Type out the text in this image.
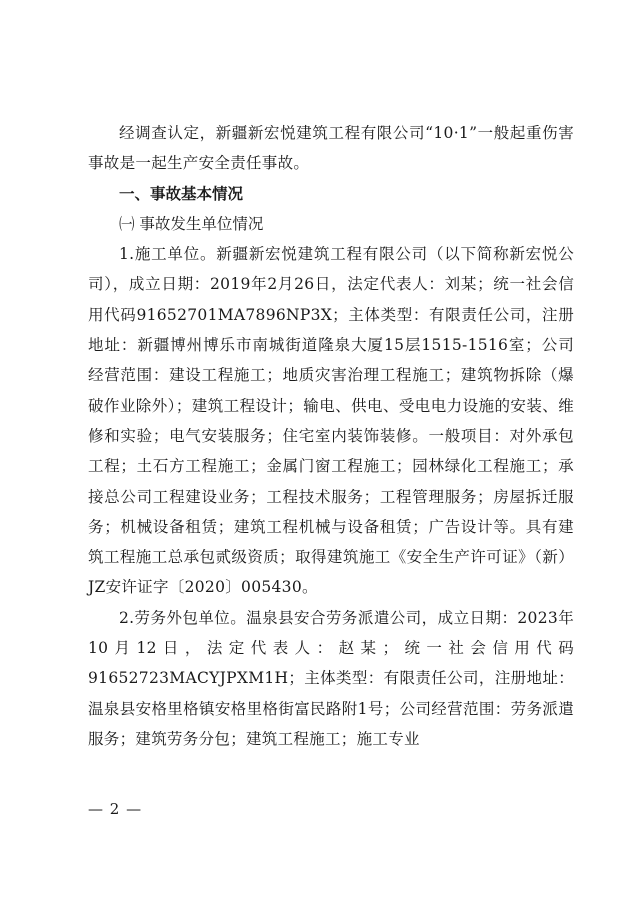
经调查认定，新疆新宏悦建筑工程有限公司“10·1”一般起重伤害事故是一起生产安全责任事故。

一、事故基本情况

㈠ 事故发生单位情况

1.施工单位。新疆新宏悦建筑工程有限公司（以下简称新宏悦公司），成立日期：2019年2月26日，法定代表人：刘某；统一社会信用代码91652701MA7896NP3X；主体类型：有限责任公司，注册地址：新疆博州博乐市南城街道隆泉大厦15层1515-1516室；公司经营范围：建设工程施工；地质灾害治理工程施工；建筑物拆除（爆破作业除外）；建筑工程设计；输电、供电、受电电力设施的安装、维修和实验；电气安装服务；住宅室内装饰装修。一般项目：对外承包工程；土石方工程施工；金属门窗工程施工；园林绿化工程施工；承接总公司工程建设业务；工程技术服务；工程管理服务；房屋拆迁服务；机械设备租赁；建筑工程机械与设备租赁；广告设计等。具有建筑工程施工总承包贰级资质；取得建筑施工《安全生产许可证》（新）JZ安许证字〔2020〕005430。

2.劳务外包单位。温泉县安合劳务派遣公司，成立日期：2023年10月12日，法定代表人：赵某；统一社会信用代码91652723MACYJPXM1H；主体类型：有限责任公司，注册地址：温泉县安格里格镇安格里格街富民路附1号；公司经营范围：劳务派遣服务；建筑劳务分包；建筑工程施工；施工专业

— 2 —
